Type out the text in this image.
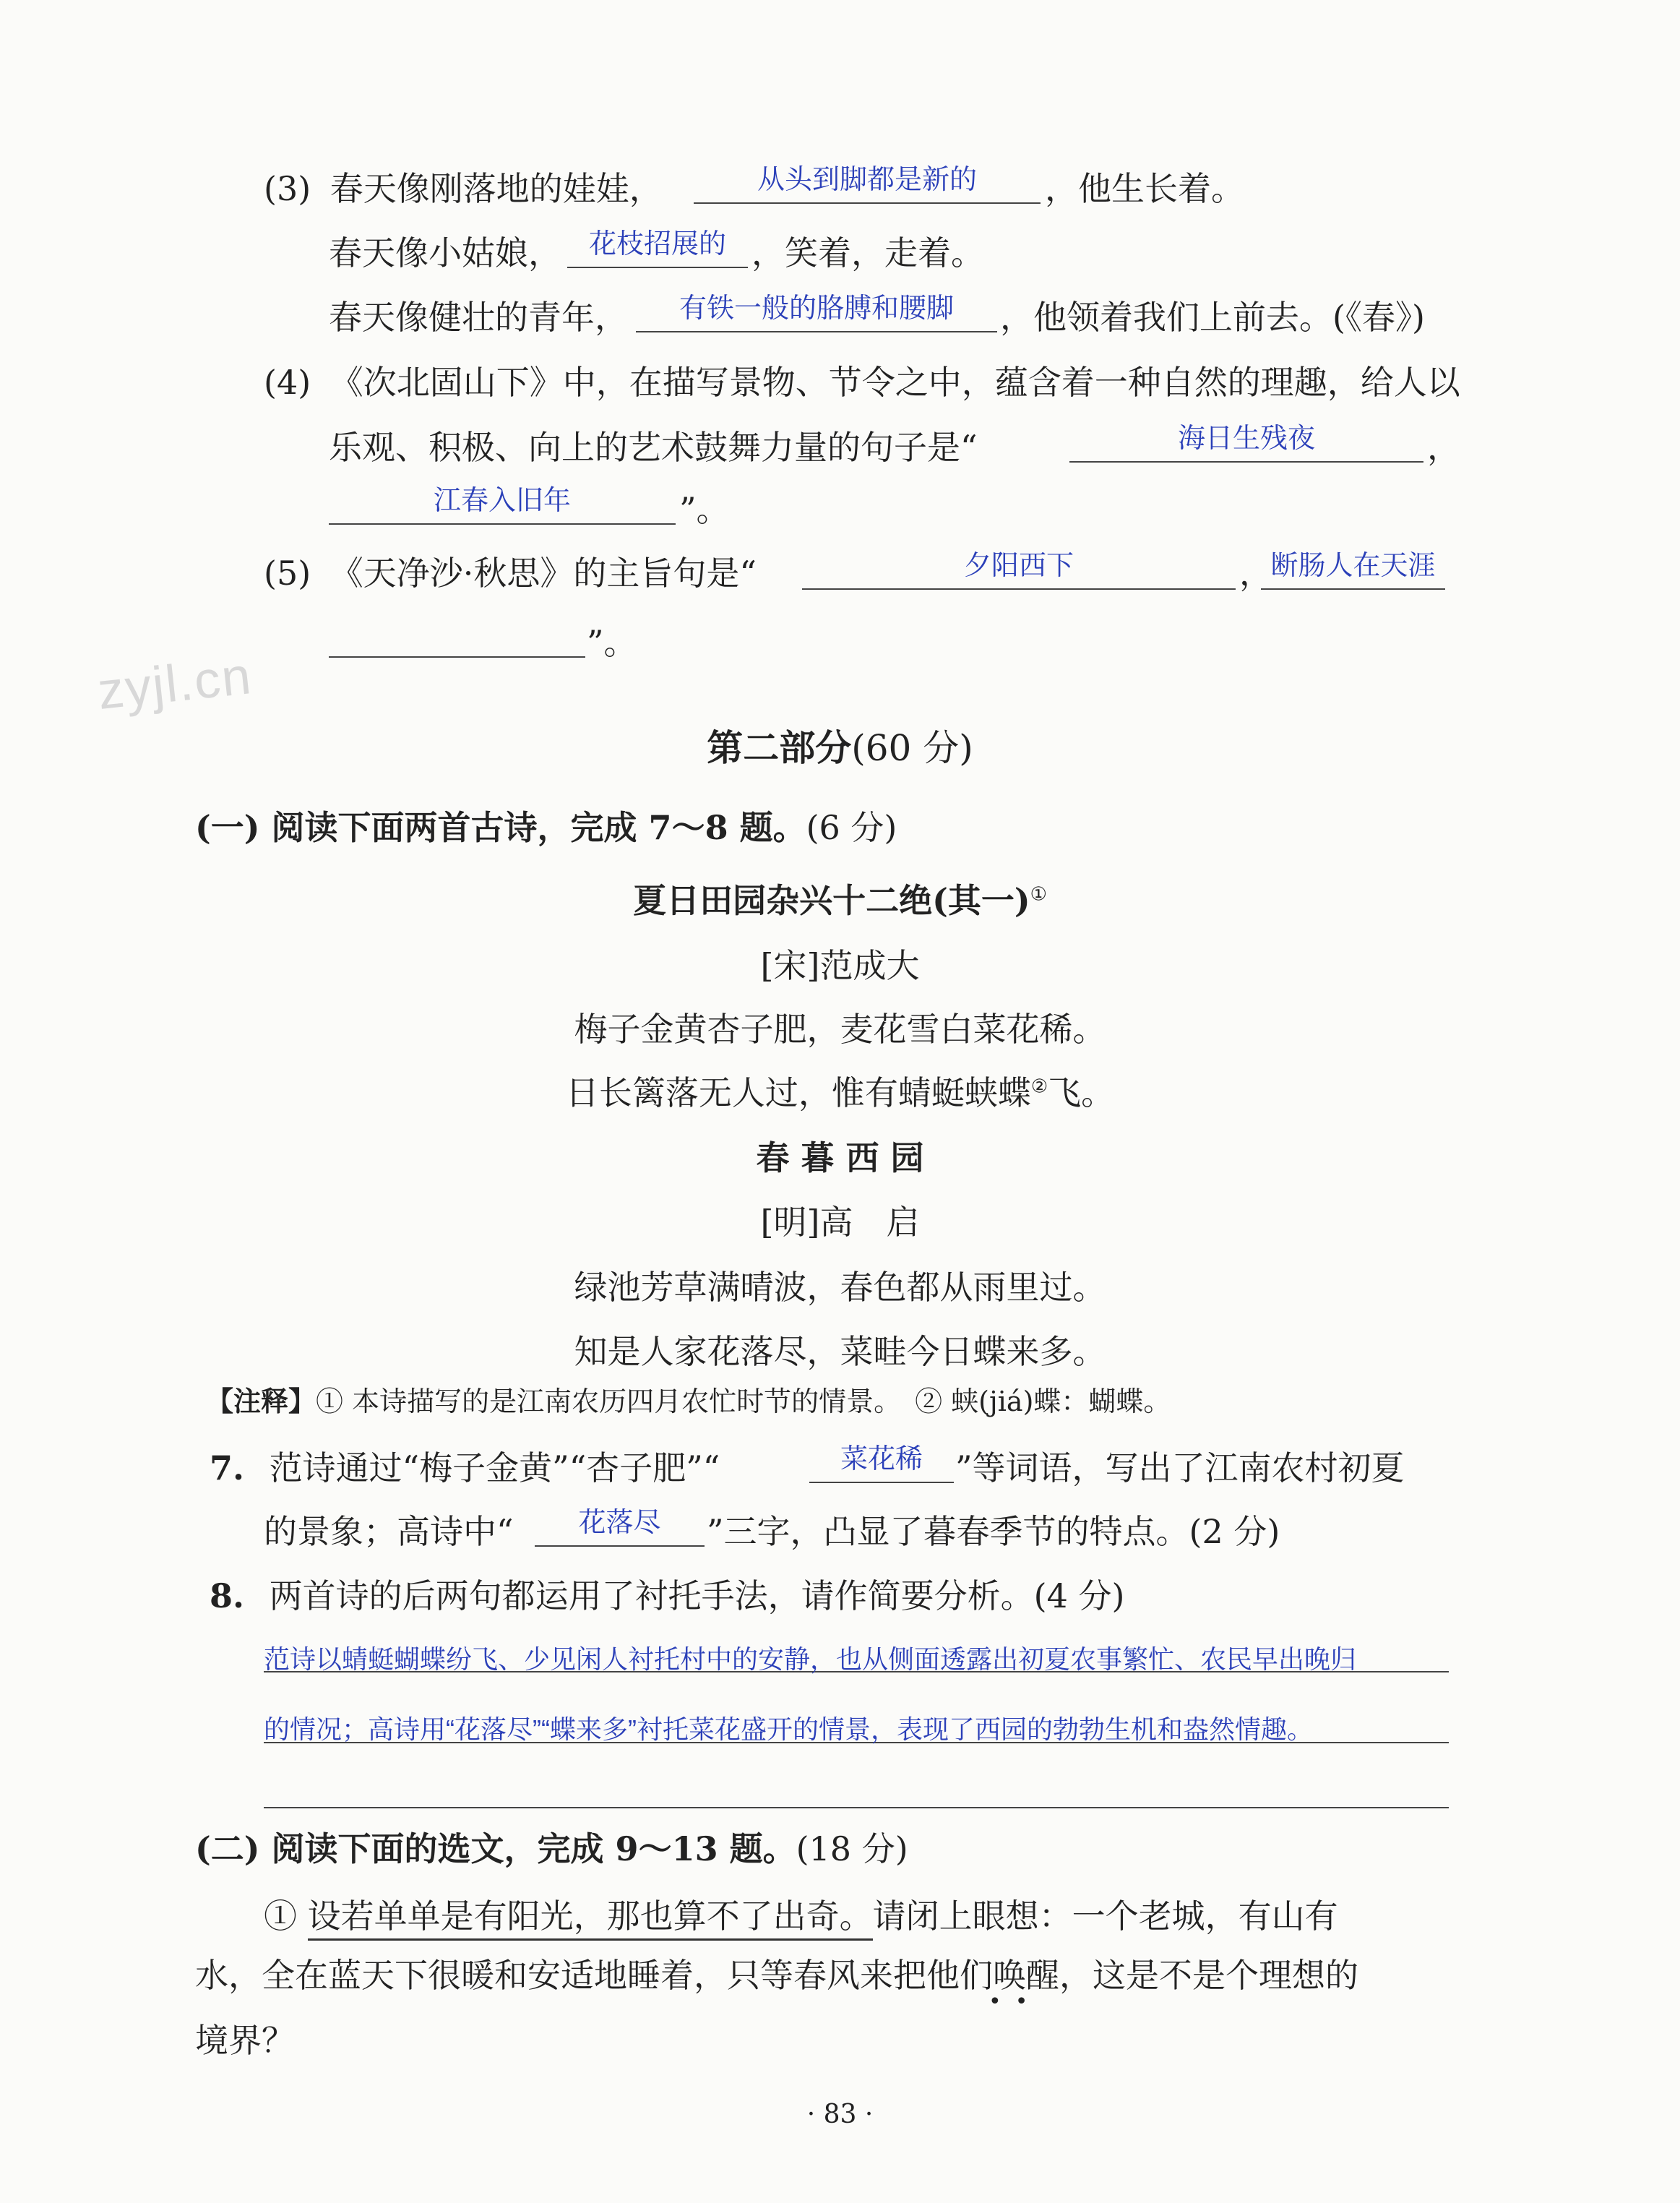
zyjl.cn
(3) 春天像刚落地的娃娃，	从头到脚都是新的 ，他生长着。
春天像小姑娘， 花枝招展的 ，笑着，走着。
春天像健壮的青年， 有铁一般的胳膊和腰脚 ，他领着我们上前去。(《春》)
(4) 《次北固山下》中，在描写景物、节令之中，蕴含着一种自然的理趣，给人以
乐观、积极、向上的艺术鼓舞力量的句子是“	海日生残夜	，
江春入旧年	”。
(5) 《天净沙·秋思》的主旨句是“	夕阳西下	，
断肠人在天涯
”。
第二部分(60 分)
(一) 阅读下面两首古诗，完成 7～8 题。(6 分)
夏日田园杂兴十二绝(其一)①
[宋]范成大
梅子金黄杏子肥，麦花雪白菜花稀。
日长篱落无人过，惟有蜻蜓蛱蝶②飞。
春 暮 西 园
[明]高　启
绿池芳草满晴波，春色都从雨里过。
知是人家花落尽，菜畦今日蝶来多。
【注释】① 本诗描写的是江南农历四月农忙时节的情景。　② 蛱(jiá)蝶：蝴蝶。
7. 范诗通过“梅子金黄”“杏子肥”“	菜花稀 ”等词语，写出了江南农村初夏
的景象；高诗中“ 花落尽 ”三字，凸显了暮春季节的特点。(2 分)
8. 两首诗的后两句都运用了衬托手法，请作简要分析。(4 分)
范诗以蜻蜓蝴蝶纷飞、少见闲人衬托村中的安静，也从侧面透露出初夏农事繁忙、农民早出晚归
的情况；高诗用“花落尽”“蝶来多”衬托菜花盛开的情景，表现了西园的勃勃生机和盎然情趣。
(二) 阅读下面的选文，完成 9～13 题。(18 分)
① 设若单单是有阳光，那也算不了出奇。请闭上眼想：一个老城，有山有
水，全在蓝天下很暖和安适地睡着，只等春风来把他们唤醒，这是不是个理想的
•  •
境界？
· 83 ·
